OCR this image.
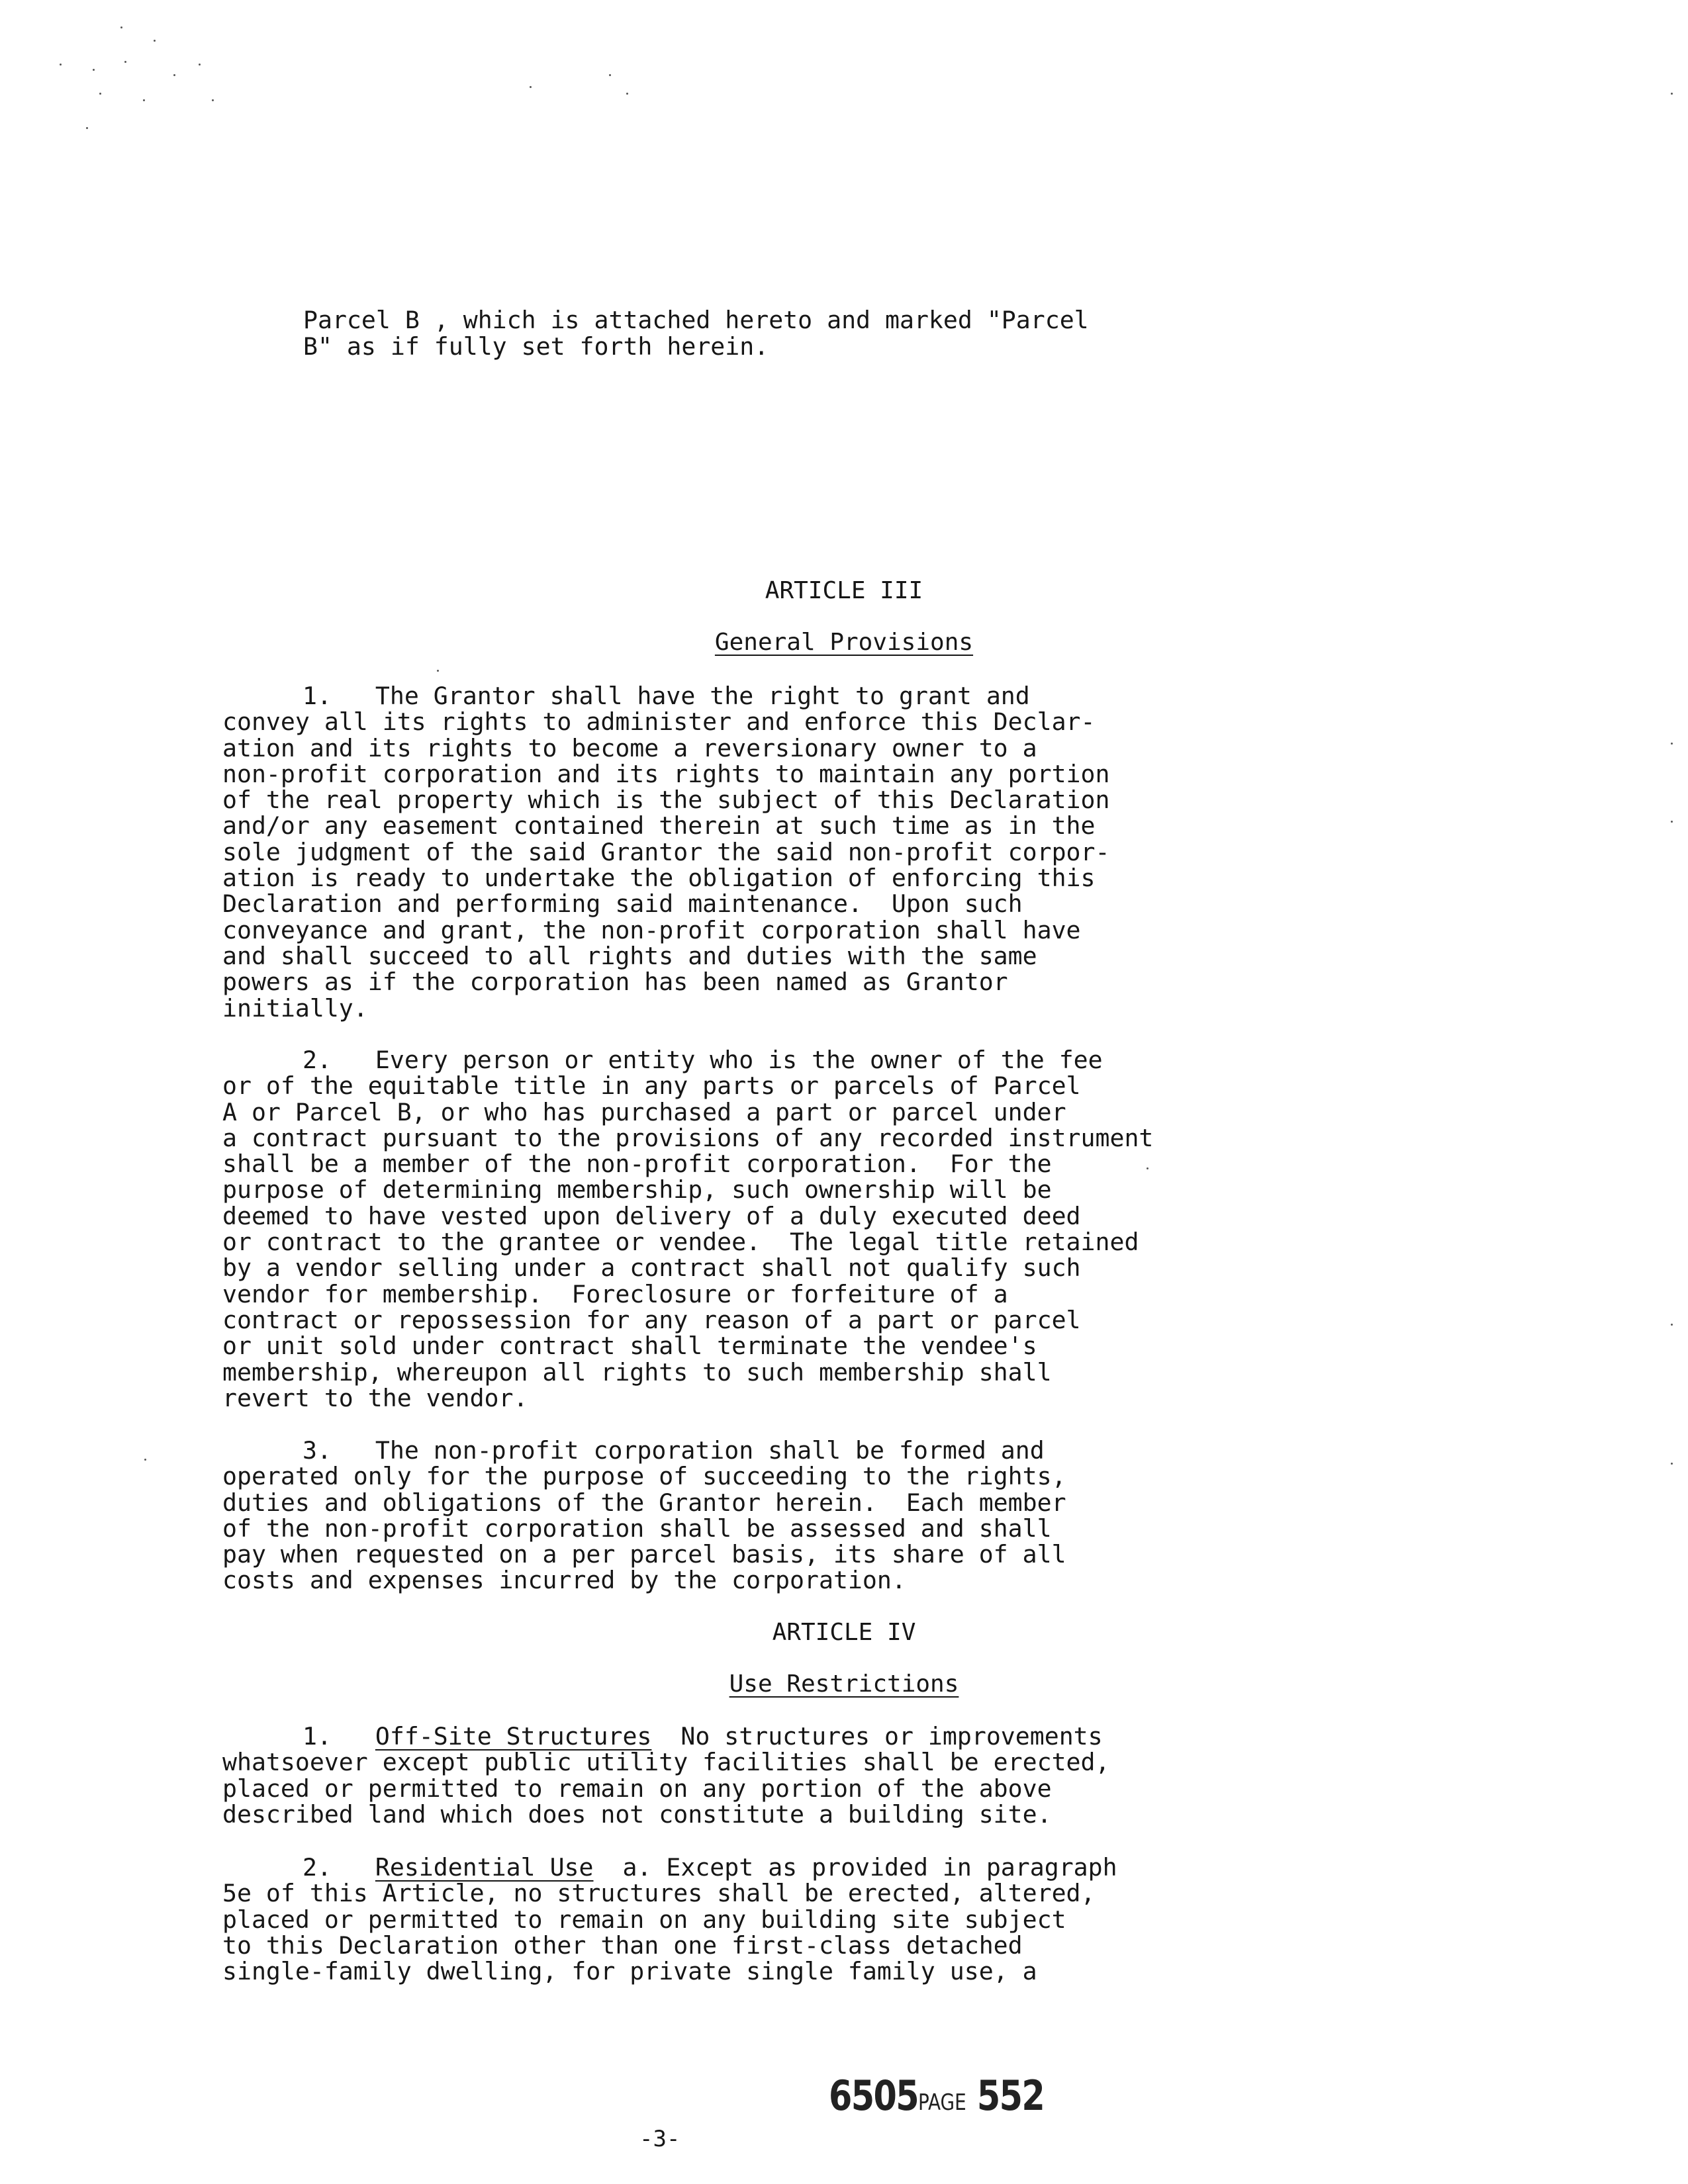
Parcel B , which is attached hereto and marked "Parcel
B" as if fully set forth herein.
ARTICLE III
General Provisions
1.   The Grantor shall have the right to grant and
convey all its rights to administer and enforce this Declar-
ation and its rights to become a reversionary owner to a
non-profit corporation and its rights to maintain any portion
of the real property which is the subject of this Declaration
and/or any easement contained therein at such time as in the
sole judgment of the said Grantor the said non-profit corpor-
ation is ready to undertake the obligation of enforcing this
Declaration and performing said maintenance.  Upon such
conveyance and grant, the non-profit corporation shall have
and shall succeed to all rights and duties with the same
powers as if the corporation has been named as Grantor
initially.
2.   Every person or entity who is the owner of the fee
or of the equitable title in any parts or parcels of Parcel
A or Parcel B, or who has purchased a part or parcel under
a contract pursuant to the provisions of any recorded instrument
shall be a member of the non-profit corporation.  For the
purpose of determining membership, such ownership will be
deemed to have vested upon delivery of a duly executed deed
or contract to the grantee or vendee.  The legal title retained
by a vendor selling under a contract shall not qualify such
vendor for membership.  Foreclosure or forfeiture of a
contract or repossession for any reason of a part or parcel
or unit sold under contract shall terminate the vendee's
membership, whereupon all rights to such membership shall
revert to the vendor.
3.   The non-profit corporation shall be formed and
operated only for the purpose of succeeding to the rights,
duties and obligations of the Grantor herein.  Each member
of the non-profit corporation shall be assessed and shall
pay when requested on a per parcel basis, its share of all
costs and expenses incurred by the corporation.
ARTICLE IV
Use Restrictions
1.   Off-Site Structures  No structures or improvements
whatsoever except public utility facilities shall be erected,
placed or permitted to remain on any portion of the above
described land which does not constitute a building site.
2.   Residential Use  a. Except as provided in paragraph
5e of this Article, no structures shall be erected, altered,
placed or permitted to remain on any building site subject
to this Declaration other than one first-class detached
single-family dwelling, for private single family use, a
6505PAGE 552
-3-
